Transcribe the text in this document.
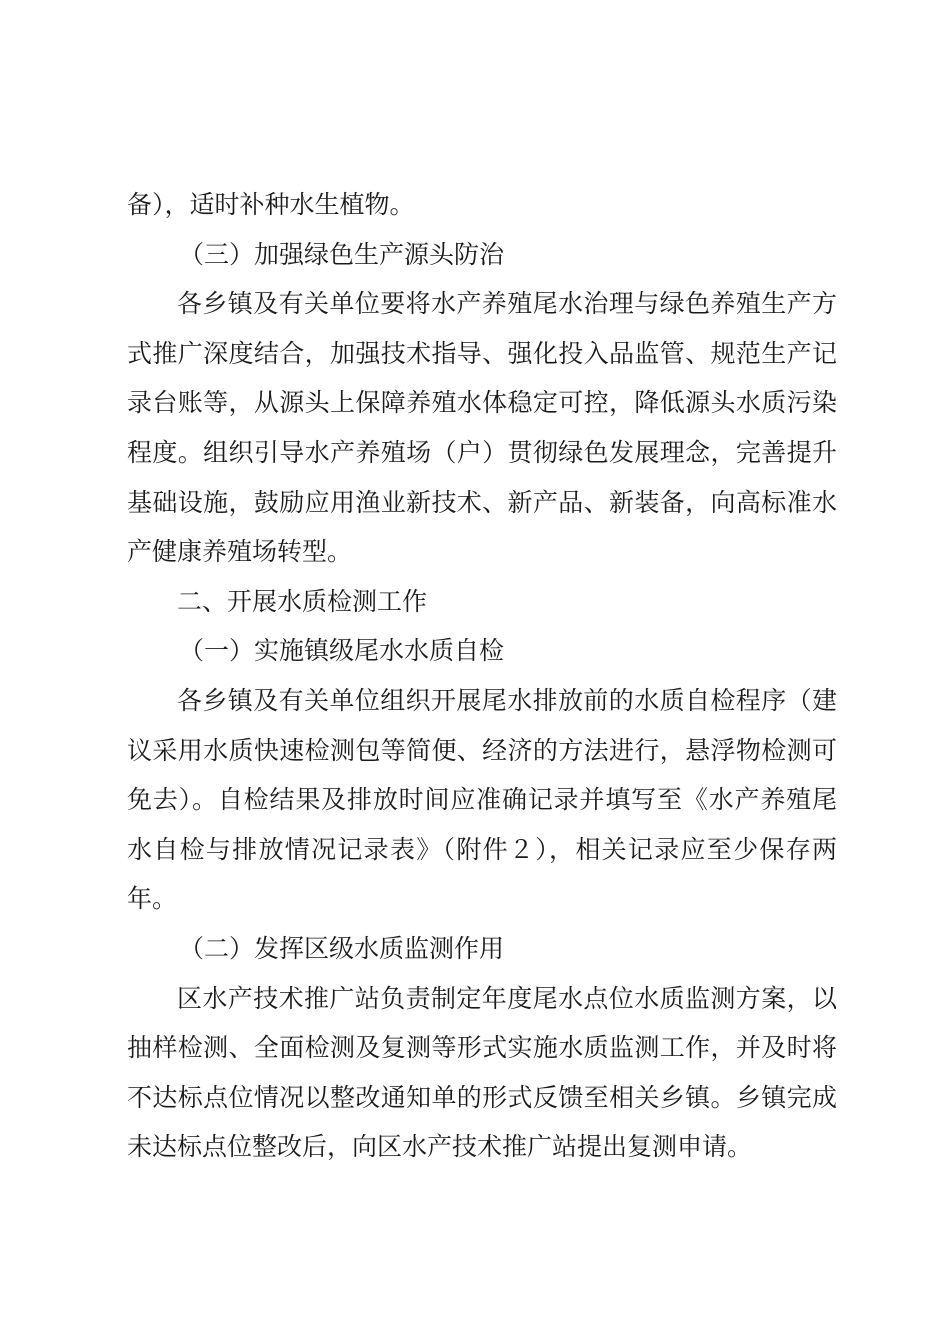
备），适时补种水生植物。

（三）加强绿色生产源头防治

各乡镇及有关单位要将水产养殖尾水治理与绿色养殖生产方式推广深度结合，加强技术指导、强化投入品监管、规范生产记录台账等，从源头上保障养殖水体稳定可控，降低源头水质污染程度。组织引导水产养殖场（户）贯彻绿色发展理念，完善提升基础设施，鼓励应用渔业新技术、新产品、新装备，向高标准水产健康养殖场转型。

二、开展水质检测工作

（一）实施镇级尾水水质自检

各乡镇及有关单位组织开展尾水排放前的水质自检程序（建议采用水质快速检测包等简便、经济的方法进行，悬浮物检测可免去）。自检结果及排放时间应准确记录并填写至《水产养殖尾水自检与排放情况记录表》（附件２），相关记录应至少保存两年。

（二）发挥区级水质监测作用

区水产技术推广站负责制定年度尾水点位水质监测方案，以抽样检测、全面检测及复测等形式实施水质监测工作，并及时将不达标点位情况以整改通知单的形式反馈至相关乡镇。乡镇完成未达标点位整改后，向区水产技术推广站提出复测申请。
